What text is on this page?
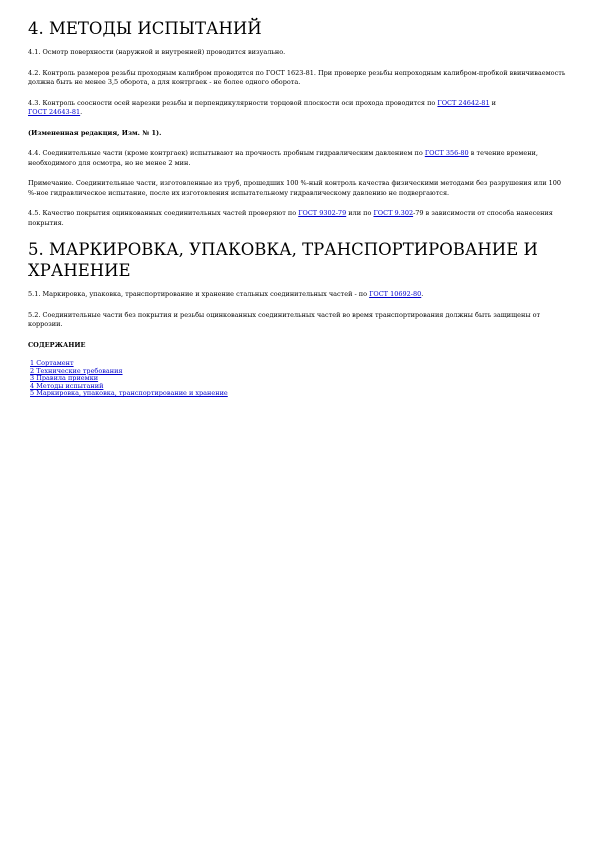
4. МЕТОДЫ ИСПЫТАНИЙ

4.1. Осмотр поверхности (наружной и внутренней) проводится визуально.

4.2. Контроль размеров резьбы проходным калибром проводится по ГОСТ 1623-81. При проверке резьбы непроходным калибром-пробкой ввинчиваемость должна быть не менее 3,5 оборота, а для контргаек - не более одного оборота.

4.3. Контроль соосности осей нарезки резьбы и перпендикулярности торцовой плоскости оси прохода проводится по ГОСТ 24642-81 и
ГОСТ 24643-81.

(Измененная редакция, Изм. № 1).

4.4. Соединительные части (кроме контргаек) испытывают на прочность пробным гидравлическим давлением по ГОСТ 356-80 в течение времени, необходимого для осмотра, но не менее 2 мин.

Примечание. Соединительные части, изготовленные из труб, прошедших 100 %-ный контроль качества физическими методами без разрушения или 100 %-ное гидравлическое испытание, после их изготовления испытательному гидравлическому давлению не подвергаются.

4.5. Качество покрытия оцинкованных соединительных частей проверяют по ГОСТ 9302-79 или по ГОСТ 9.302-79 в зависимости от способа нанесения покрытия.

5. МАРКИРОВКА, УПАКОВКА, ТРАНСПОРТИРОВАНИЕ И ХРАНЕНИЕ

5.1. Маркировка, упаковка, транспортирование и хранение стальных соединительных частей - по ГОСТ 10692-80.

5.2. Соединительные части без покрытия и резьбы оцинкованных соединительных частей во время транспортирования должны быть защищены от коррозии.

СОДЕРЖАНИЕ
1 Сортамент
2 Технические требования
3 Правила приемки
4 Методы испытаний
5 Маркировка, упаковка, транспортирование и хранение
